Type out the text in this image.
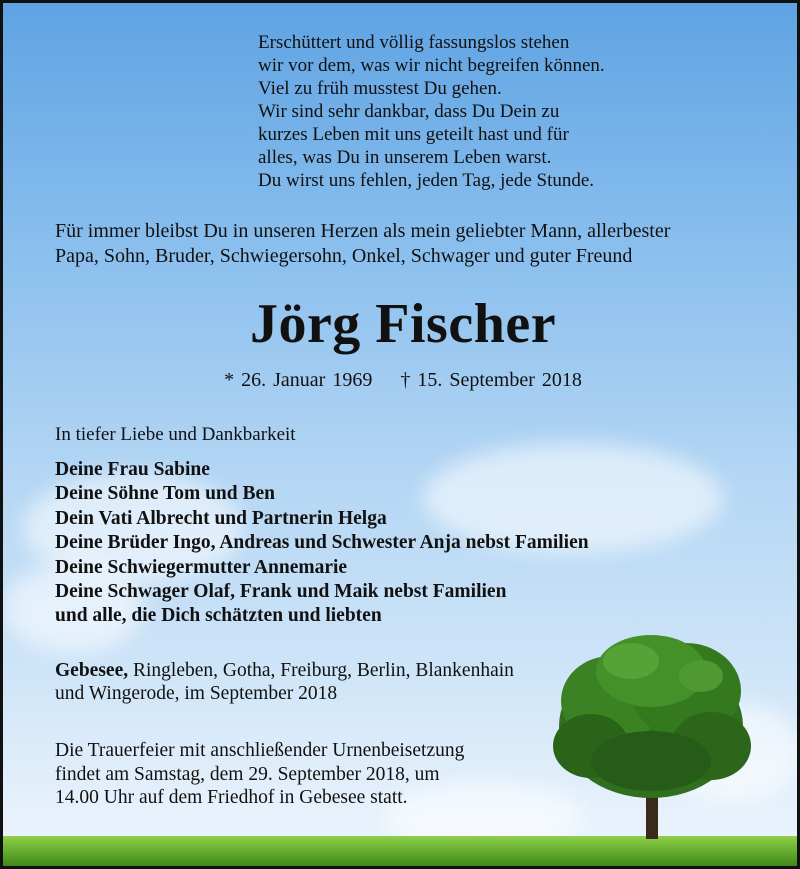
Erschüttert und völlig fassungslos stehen
wir vor dem, was wir nicht begreifen können.
Viel zu früh musstest Du gehen.
Wir sind sehr dankbar, dass Du Dein zu
kurzes Leben mit uns geteilt hast und für
alles, was Du in unserem Leben warst.
Du wirst uns fehlen, jeden Tag, jede Stunde.
Für immer bleibst Du in unseren Herzen als mein geliebter Mann, allerbester
Papa, Sohn, Bruder, Schwiegersohn, Onkel, Schwager und guter Freund
Jörg Fischer
* 26. Januar 1969 † 15. September 2018
In tiefer Liebe und Dankbarkeit
Deine Frau Sabine
Deine Söhne Tom und Ben
Dein Vati Albrecht und Partnerin Helga
Deine Brüder Ingo, Andreas und Schwester Anja nebst Familien
Deine Schwiegermutter Annemarie
Deine Schwager Olaf, Frank und Maik nebst Familien
und alle, die Dich schätzten und liebten
Gebesee, Ringleben, Gotha, Freiburg, Berlin, Blankenhain
und Wingerode, im September 2018
Die Trauerfeier mit anschließender Urnenbeisetzung
findet am Samstag, dem 29. September 2018, um
14.00 Uhr auf dem Friedhof in Gebesee statt.
